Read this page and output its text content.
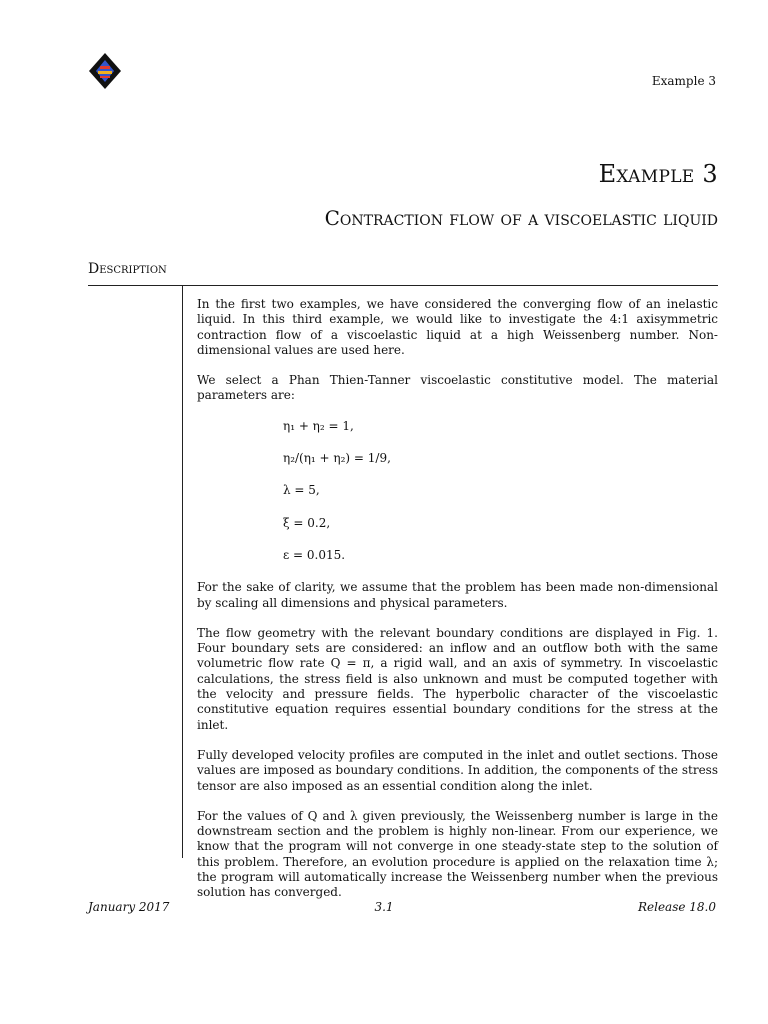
Example 3
Example 3
Contraction flow of a viscoelastic liquid
Description

In the first two examples, we have considered the converging flow of an inelastic liquid. In this third example, we would like to investigate the 4:1 axisymmetric contraction flow of a viscoelastic liquid at a high Weissenberg number. Non-dimensional values are used here.

We select a Phan Thien-Tanner viscoelastic constitutive model. The material parameters are:

η₁ + η₂ = 1,

η₂/(η₁ + η₂) = 1/9,

λ = 5,

ξ = 0.2,

ε = 0.015.

For the sake of clarity, we assume that the problem has been made non-dimensional by scaling all dimensions and physical parameters.

The flow geometry with the relevant boundary conditions are displayed in Fig. 1. Four boundary sets are considered: an inflow and an outflow both with the same volumetric flow rate Q = π, a rigid wall, and an axis of symmetry. In viscoelastic calculations, the stress field is also unknown and must be computed together with the velocity and pressure fields. The hyperbolic character of the viscoelastic constitutive equation requires essential boundary conditions for the stress at the inlet.

Fully developed velocity profiles are computed in the inlet and outlet sections. Those values are imposed as boundary conditions. In addition, the components of the stress tensor are also imposed as an essential condition along the inlet.

For the values of Q and λ given previously, the Weissenberg number is large in the downstream section and the problem is highly non-linear. From our experience, we know that the program will not converge in one steady-state step to the solution of this problem. Therefore, an evolution procedure is applied on the relaxation time λ; the program will automatically increase the Weissenberg number when the previous solution has converged.

January 2017	3.1	Release 18.0
